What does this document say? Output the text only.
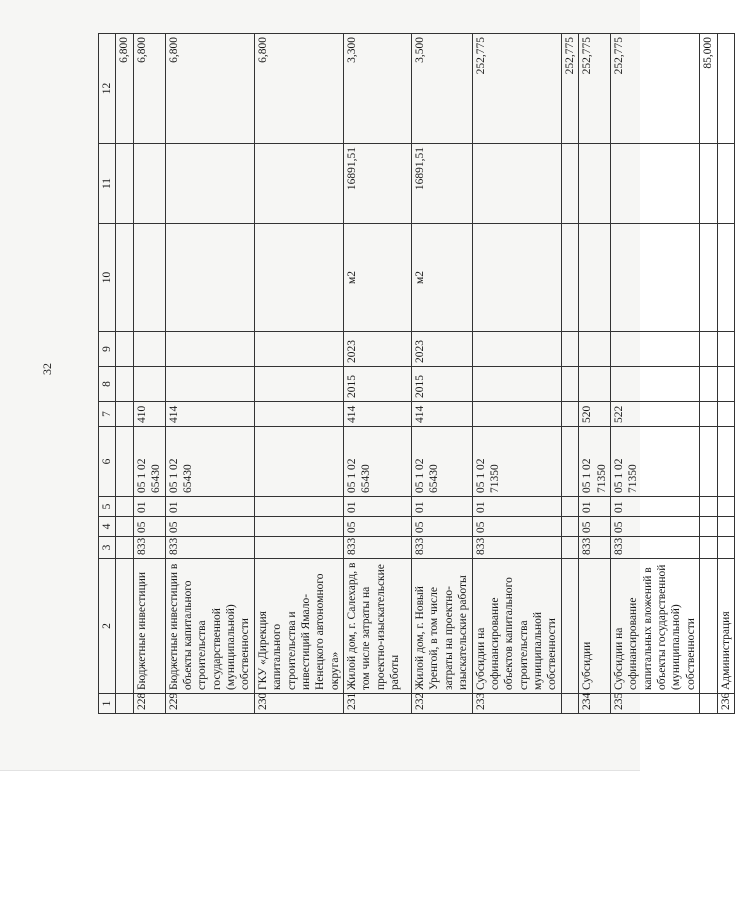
32
1	2	3	4	5	6	7	8	9	10	11	12
											6,800
228	Бюджетные инвестиции	833	05	01	05 1 02 65430	410					6,800
229	Бюджетные инвестиции в объекты капитального строительства государственной (муниципальной) собственности	833	05	01	05 1 02 65430	414					6,800
230	ГКУ «Дирекция капитального строительства и инвестиций Ямало-Ненецкого автономного округа»										6,800
231	Жилой дом, г. Салехард, в том числе затраты на проектно-изыскательские работы	833	05	01	05 1 02 65430	414	2015	2023	м2	16891,51	3,300
232	Жилой дом, г. Новый Уренгой, в том числе затраты на проектно-изыскательские работы	833	05	01	05 1 02 65430	414	2015	2023	м2	16891,51	3,500
233	Субсидии на софинансирование объектов капитального строительства муниципальной собственности	833	05	01	05 1 02 71350						252,775
											252,775
234	Субсидии	833	05	01	05 1 02 71350	520					252,775
235	Субсидии на софинансирование капитальных вложений в объекты государственной (муниципальной) собственности	833	05	01	05 1 02 71350	522					252,775
											85,000
236	Администрация										
